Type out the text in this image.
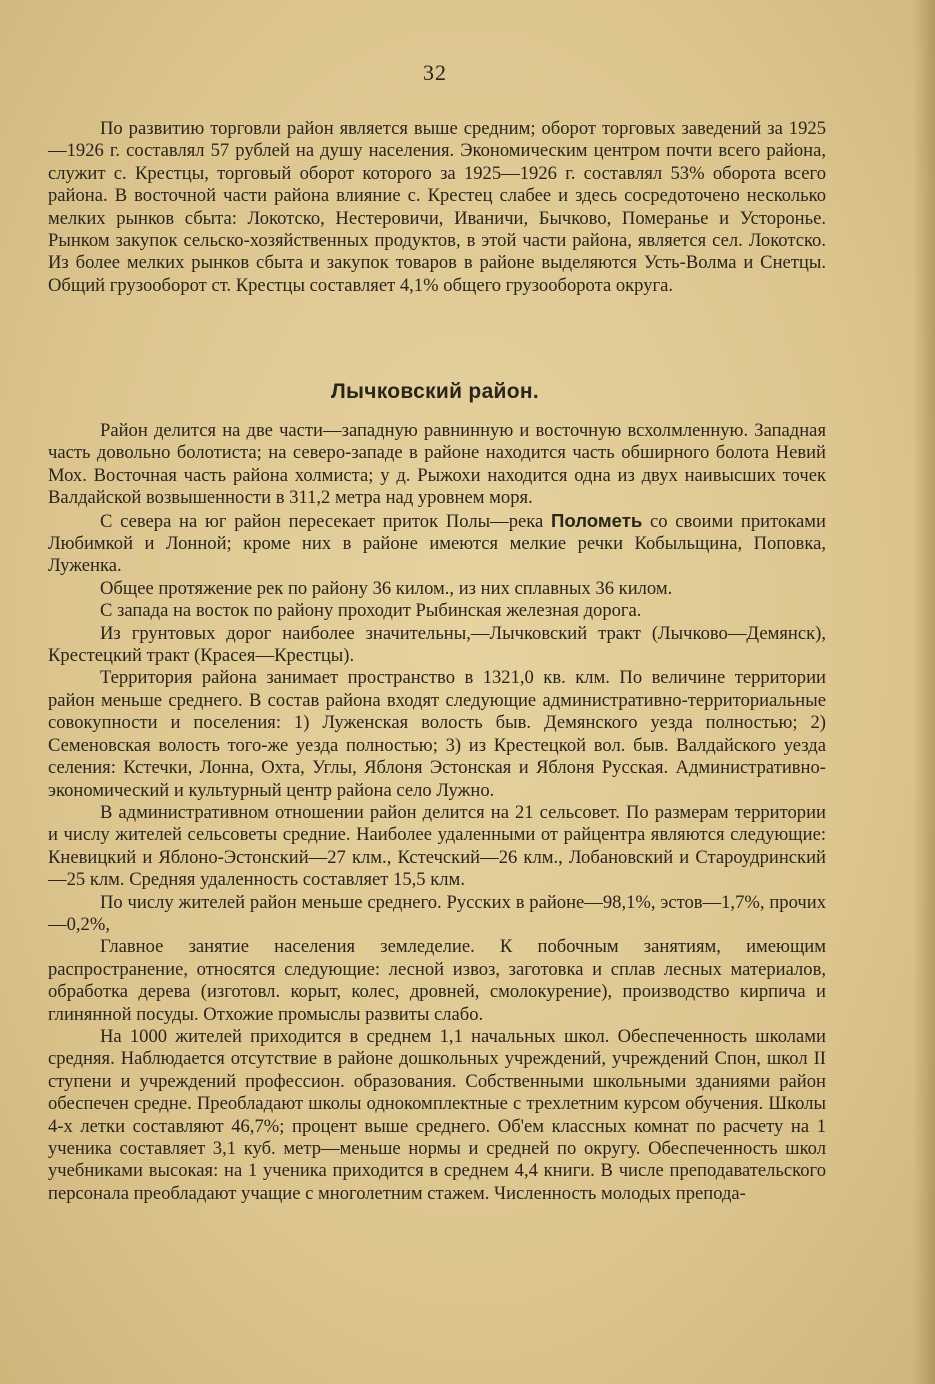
32

По развитию торговли район является выше средним; оборот торговых заведений за 1925—1926 г. составлял 57 рублей на душу населения. Экономическим центром почти всего района, служит с. Крестцы, торговый оборот которого за 1925—1926 г. составлял 53% оборота всего района. В восточной части района влияние с. Крестец слабее и здесь сосредоточено несколько мелких рынков сбыта: Локотско, Нестеровичи, Иваничи, Бычково, Померанье и Усторонье. Рынком закупок сельско-хозяйственных продуктов, в этой части района, является сел. Локотско. Из более мелких рынков сбыта и закупок товаров в районе выделяются Усть-Волма и Снетцы. Общий грузооборот ст. Крестцы составляет 4,1% общего грузооборота округа.

Лычковский район.

Район делится на две части—западную равнинную и восточную всхолмленную. Западная часть довольно болотиста; на северо-западе в районе находится часть обширного болота Невий Мох. Восточная часть района холмиста; у д. Рыжохи находится одна из двух наивысших точек Валдайской возвышенности в 311,2 метра над уровнем моря.

С севера на юг район пересекает приток Полы—река Полометь со своими притоками Любимкой и Лонной; кроме них в районе имеются мелкие речки Кобыльщина, Поповка, Луженка.

Общее протяжение рек по району 36 килом., из них сплавных 36 килом.

С запада на восток по району проходит Рыбинская железная дорога.

Из грунтовых дорог наиболее значительны,—Лычковский тракт (Лычково—Демянск), Крестецкий тракт (Красея—Крестцы).

Территория района занимает пространство в 1321,0 кв. клм. По величине территории район меньше среднего. В состав района входят следующие административно-территориальные совокупности и поселения: 1) Луженская волость быв. Демянского уезда полностью; 2) Семеновская волость того-же уезда полностью; 3) из Крестецкой вол. быв. Валдайского уезда селения: Кстечки, Лонна, Охта, Углы, Яблоня Эстонская и Яблоня Русская. Административно-экономический и культурный центр района село Лужно.

В административном отношении район делится на 21 сельсовет. По размерам территории и числу жителей сельсоветы средние. Наиболее удаленными от райцентра являются следующие: Кневицкий и Яблоно-Эстонский—27 клм., Кстечский—26 клм., Лобановский и Староудринский—25 клм. Средняя удаленность составляет 15,5 клм.

По числу жителей район меньше среднего. Русских в районе—98,1%, эстов—1,7%, прочих—0,2%,

Главное занятие населения земледелие. К побочным занятиям, имеющим распространение, относятся следующие: лесной извоз, заготовка и сплав лесных материалов, обработка дерева (изготовл. корыт, колес, дровней, смолокурение), производство кирпича и глинянной посуды. Отхожие промыслы развиты слабо.

На 1000 жителей приходится в среднем 1,1 начальных школ. Обеспеченность школами средняя. Наблюдается отсутствие в районе дошкольных учреждений, учреждений Спон, школ II ступени и учреждений профессион. образования. Собственными школьными зданиями район обеспечен средне. Преобладают школы однокомплектные с трехлетним курсом обучения. Школы 4-х летки составляют 46,7%; процент выше среднего. Об'ем классных комнат по расчету на 1 ученика составляет 3,1 куб. метр—меньше нормы и средней по округу. Обеспеченность школ учебниками высокая: на 1 ученика приходится в среднем 4,4 книги. В числе преподавательского персонала преобладают учащие с многолетним стажем. Численность молодых препода-
